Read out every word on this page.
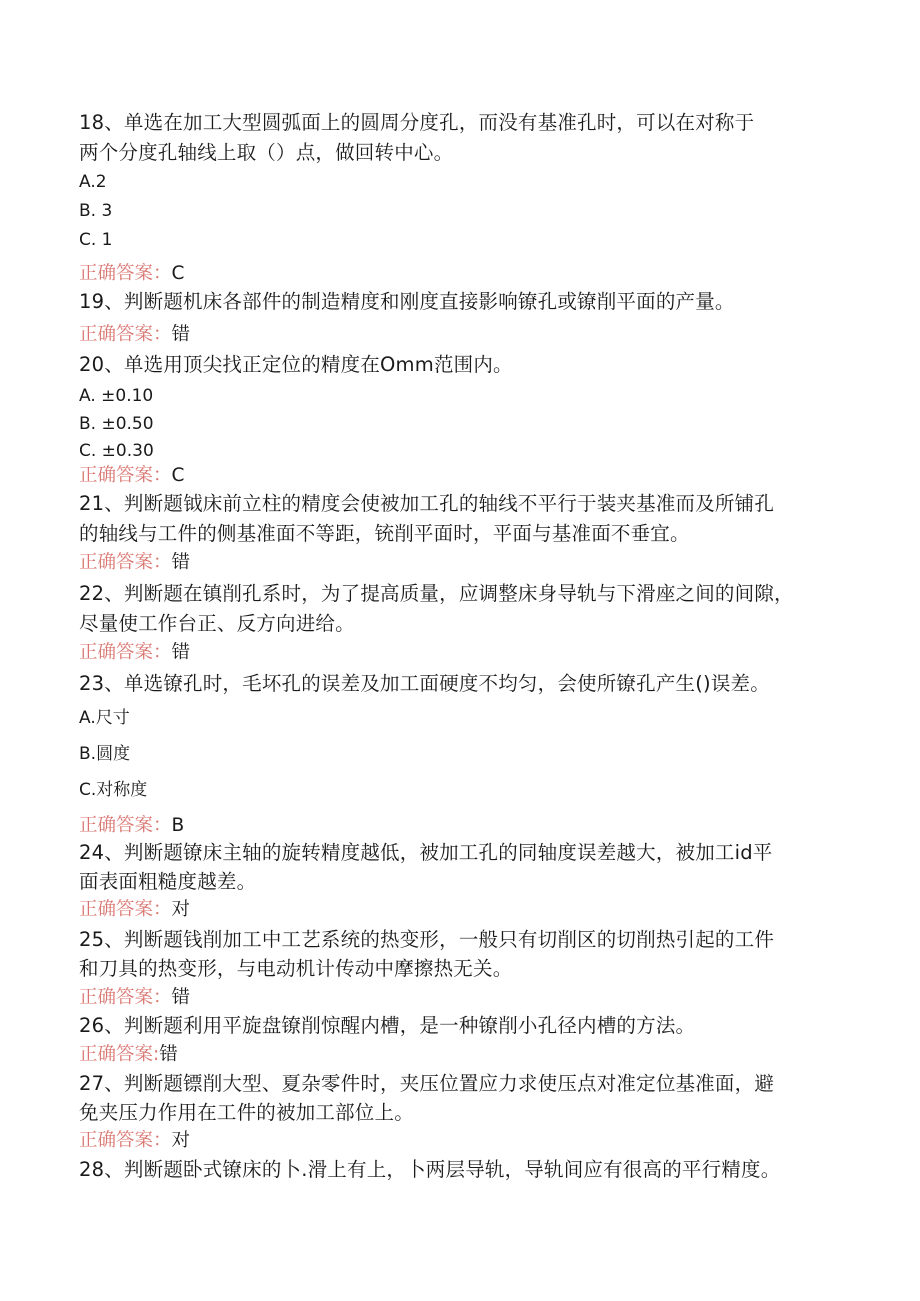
18、单选在加工大型圆弧面上的圆周分度孔，而没有基准孔时，可以在对称于
两个分度孔轴线上取（）点，做回转中心。
A.2
B. 3
C. 1
正确答案：C
19、判断题机床各部件的制造精度和刚度直接影响镣孔或镣削平面的产量。
正确答案：错
20、单选用顶尖找正定位的精度在Omm范围内。
A. ±0.10
B. ±0.50
C. ±0.30
正确答案：C
21、判断题钺床前立柱的精度会使被加工孔的轴线不平行于装夹基准而及所铺孔
的轴线与工件的侧基准面不等距，铳削平面时，平面与基准面不垂宜。
正确答案：错
22、判断题在镇削孔系时，为了提高质量，应调整床身导轨与下滑座之间的间隙，
尽量使工作台正、反方向进给。
正确答案：错
23、单选镣孔时，毛坏孔的误差及加工面硬度不均匀，会使所镣孔产生()误差。
A.尺寸
B.圆度
C.对称度
正确答案：B
24、判断题镣床主轴的旋转精度越低，被加工孔的同轴度误差越大，被加工id平
面表面粗糙度越差。
正确答案：对
25、判断题钱削加工中工艺系统的热变形，一般只有切削区的切削热引起的工件
和刀具的热变形，与电动机计传动中摩擦热无关。
正确答案：错
26、判断题利用平旋盘镣削惊醒内槽，是一种镣削小孔径内槽的方法。
正确答案:错
27、判断题镖削大型、夏杂零件时，夹压位置应力求使压点对准定位基准面，避
免夹压力作用在工件的被加工部位上。
正确答案：对
28、判断题卧式镣床的卜.滑上有上，卜两层导轨，导轨间应有很高的平行精度。
